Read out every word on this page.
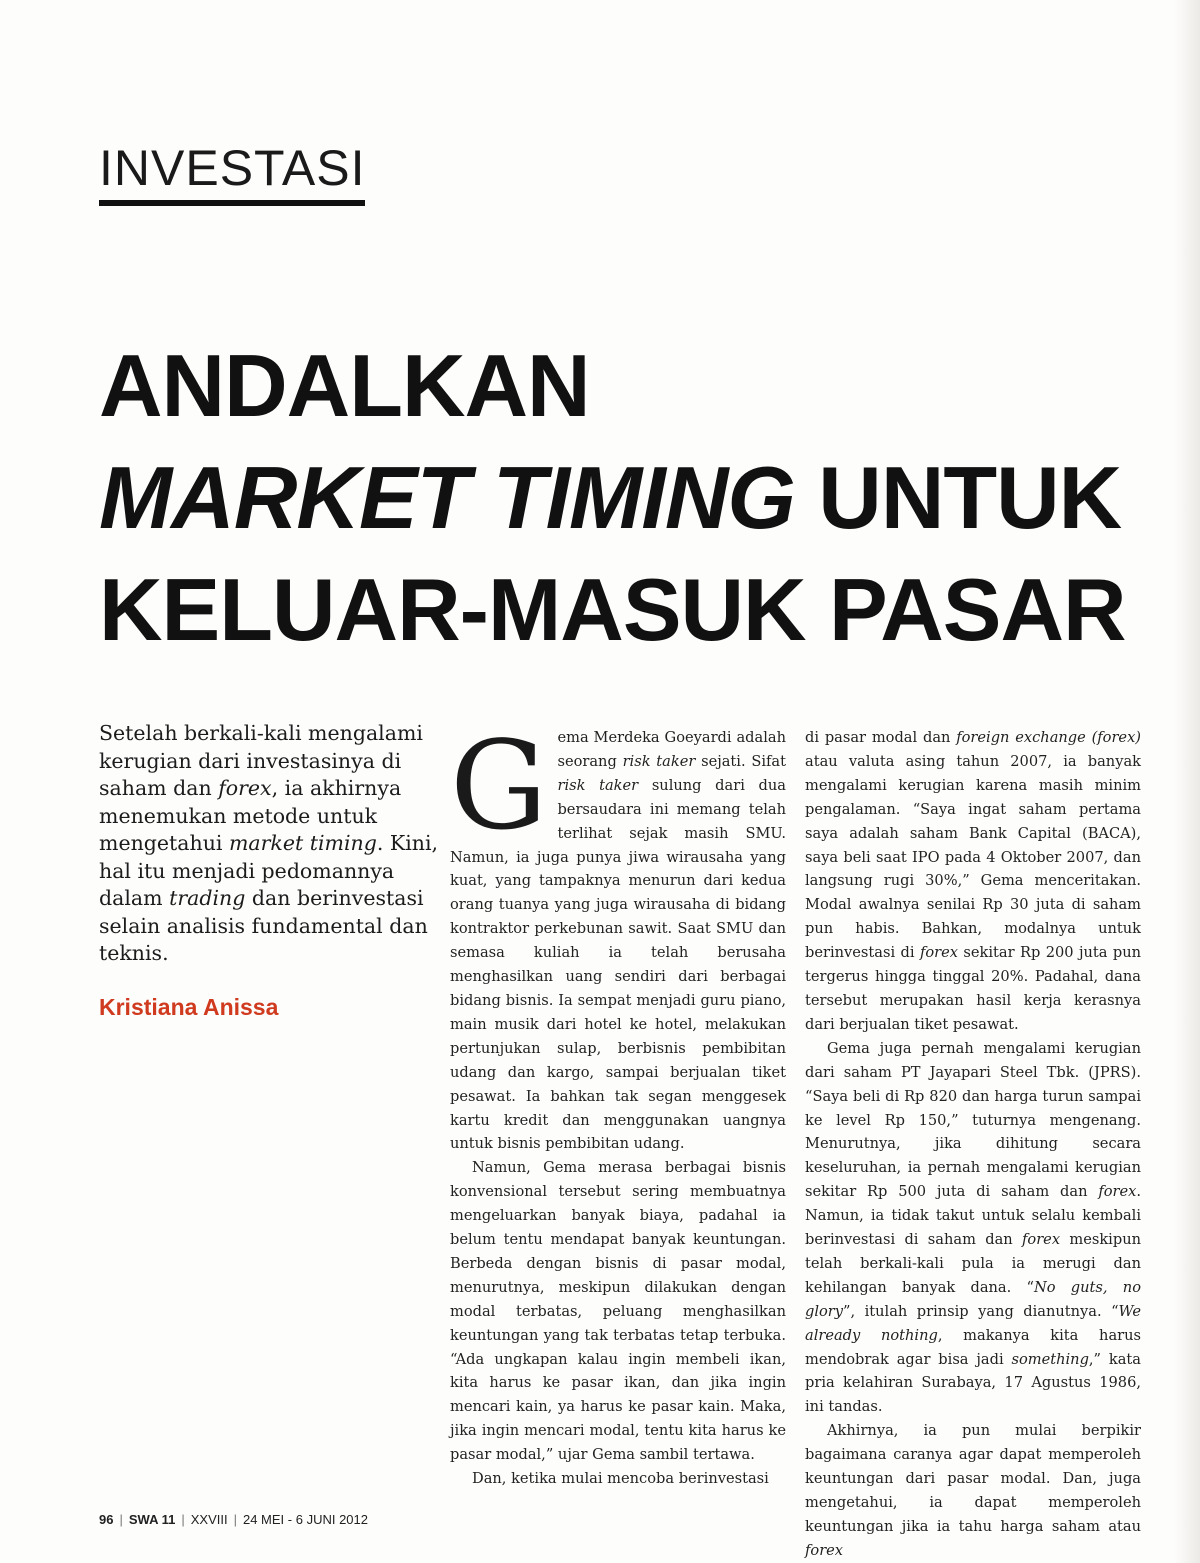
INVESTASI
ANDALKAN
MARKET TIMING UNTUK
KELUAR-MASUK PASAR

Setelah berkali-kali mengalami kerugian dari investasinya di saham dan forex, ia akhirnya menemukan metode untuk mengetahui market timing. Kini, hal itu menjadi pedomannya dalam trading dan berinvestasi selain analisis fundamental dan teknis.

Kristiana Anissa

Gema Merdeka Goeyardi adalah seorang risk taker sejati. Sifat risk taker sulung dari dua bersaudara ini memang telah terlihat sejak masih SMU. Namun, ia juga punya jiwa wirausaha yang kuat, yang tampaknya menurun dari kedua orang tuanya yang juga wirausaha di bidang kontraktor perkebunan sawit. Saat SMU dan semasa kuliah ia telah berusaha menghasilkan uang sendiri dari berbagai bidang bisnis. Ia sempat menjadi guru piano, main musik dari hotel ke hotel, melakukan pertunjukan sulap, berbisnis pembibitan udang dan kargo, sampai berjualan tiket pesawat. Ia bahkan tak segan menggesek kartu kredit dan menggunakan uangnya untuk bisnis pembibitan udang.

Namun, Gema merasa berbagai bisnis konvensional tersebut sering membuatnya mengeluarkan banyak biaya, padahal ia belum tentu mendapat banyak keuntungan. Berbeda dengan bisnis di pasar modal, menurutnya, meskipun dilakukan dengan modal terbatas, peluang menghasilkan keuntungan yang tak terbatas tetap terbuka. “Ada ungkapan kalau ingin membeli ikan, kita harus ke pasar ikan, dan jika ingin mencari kain, ya harus ke pasar kain. Maka, jika ingin mencari modal, tentu kita harus ke pasar modal,” ujar Gema sambil tertawa.

Dan, ketika mulai mencoba berinvestasi

di pasar modal dan foreign exchange (forex) atau valuta asing tahun 2007, ia banyak mengalami kerugian karena masih minim pengalaman. “Saya ingat saham pertama saya adalah saham Bank Capital (BACA), saya beli saat IPO pada 4 Oktober 2007, dan langsung rugi 30%,” Gema menceritakan. Modal awalnya senilai Rp 30 juta di saham pun habis. Bahkan, modalnya untuk berinvestasi di forex sekitar Rp 200 juta pun tergerus hingga tinggal 20%. Padahal, dana tersebut merupakan hasil kerja kerasnya dari berjualan tiket pesawat.

Gema juga pernah mengalami kerugian dari saham PT Jayapari Steel Tbk. (JPRS). “Saya beli di Rp 820 dan harga turun sampai ke level Rp 150,” tuturnya mengenang. Menurutnya, jika dihitung secara keseluruhan, ia pernah mengalami kerugian sekitar Rp 500 juta di saham dan forex. Namun, ia tidak takut untuk selalu kembali berinvestasi di saham dan forex meskipun telah berkali-kali pula ia merugi dan kehilangan banyak dana. “No guts, no glory”, itulah prinsip yang dianutnya. “We already nothing, makanya kita harus mendobrak agar bisa jadi something,” kata pria kelahiran Surabaya, 17 Agustus 1986, ini tandas.

Akhirnya, ia pun mulai berpikir bagaimana caranya agar dapat memperoleh keuntungan dari pasar modal. Dan, juga mengetahui, ia dapat memperoleh keuntungan jika ia tahu harga saham atau forex

96 | SWA 11 | XXVIII | 24 MEI - 6 JUNI 2012
